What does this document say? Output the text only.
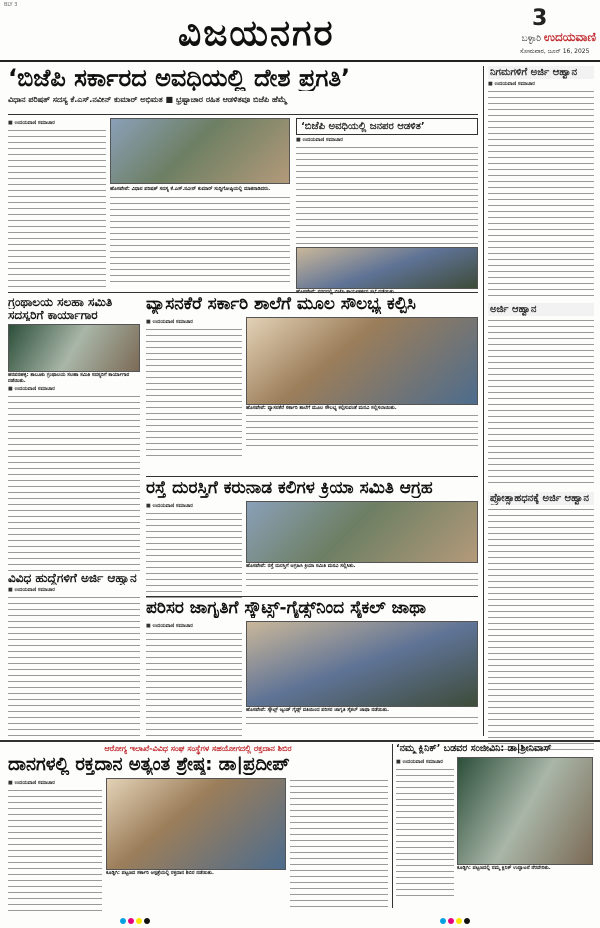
BLY 3
ವಿಜಯನಗರ	3
ಬಳ್ಳಾರಿ ಉದಯವಾಣಿ
ಸೋಮವಾರ, ಜೂನ್ 16, 2025
‘ಬಿಜೆಪಿ ಸರ್ಕಾರದ ಅವಧಿಯಲ್ಲಿ ದೇಶ ಪ್ರಗತಿ’
ವಿಧಾನ ಪರಿಷತ್ ಸದಸ್ಯ ಕೆ.ಎಸ್.ನವೀನ್ ಕುಮಾರ್ ಅಭಿಮತ ■ ಭ್ರಷ್ಟಾಚಾರ ರಹಿತ ಆಡಳಿತವೂ ಬಿಜೆಪಿ ಹೆಮ್ಮೆ
■ ಉದಯವಾಣಿ ಸಮಾಚಾರ
ಹೊಸಪೇಟೆ: ವಿಧಾನ ಪರಿಷತ್ ಸದಸ್ಯ ಕೆ.ಎಸ್.ನವೀನ್ ಕುಮಾರ್ ಸುದ್ದಿಗೋಷ್ಠಿಯಲ್ಲಿ ಮಾತನಾಡಿದರು.
‘ಬಿಜೆಪಿ ಅವಧಿಯಲ್ಲಿ ಜನಪರ ಆಡಳಿತ’
■ ಉದಯವಾಣಿ ಸಮಾಚಾರ
ಗ್ರಂಥಾಲಯ ಸಲಹಾ ಸಮಿತಿ
ಸದಸ್ಯರಿಗೆ ಕಾರ್ಯಾಗಾರ
ಹರಪನಹಳ್ಳಿ: ತಾಲೂಕು ಗ್ರಂಥಾಲಯ ಸಲಹಾ ಸಮಿತಿ ಸದಸ್ಯರಿಗೆ ಕಾರ್ಯಾಗಾರ ನಡೆಯಿತು.
■ ಉದಯವಾಣಿ ಸಮಾಚಾರ
ವ್ಯಾಸನಕೆರೆ ಸರ್ಕಾರಿ ಶಾಲೆಗೆ ಮೂಲ ಸೌಲಭ್ಯ ಕಲ್ಪಿಸಿ
■ ಉದಯವಾಣಿ ಸಮಾಚಾರ
ಹೊಸಪೇಟೆ: ವ್ಯಾಸನಕೆರೆ ಸರ್ಕಾರಿ ಶಾಲೆಗೆ ಮೂಲ ಸೌಲಭ್ಯ ಕಲ್ಪಿಸುವಂತೆ ಮನವಿ ಸಲ್ಲಿಸಲಾಯಿತು.
ರಸ್ತೆ ದುರಸ್ತಿಗೆ ಕರುನಾಡ ಕಲಿಗಳ ಕ್ರಿಯಾ ಸಮಿತಿ ಆಗ್ರಹ
■ ಉದಯವಾಣಿ ಸಮಾಚಾರ
ಹೊಸಪೇಟೆ: ರಸ್ತೆ ದುರಸ್ತಿಗೆ ಆಗ್ರಹಿಸಿ ಕ್ರಿಯಾ ಸಮಿತಿ ಮನವಿ ಸಲ್ಲಿಸಿತು.
ವಿವಿಧ ಹುದ್ದೆಗಳಿಗೆ ಅರ್ಜಿ ಆಹ್ವಾನ
■ ಉದಯವಾಣಿ ಸಮಾಚಾರ
ಪರಿಸರ ಜಾಗೃತಿಗೆ ಸ್ಕೌಟ್ಸ್-ಗೈಡ್ಸ್‌ನಿಂದ ಸೈಕಲ್ ಜಾಥಾ
■ ಉದಯವಾಣಿ ಸಮಾಚಾರ
ಹೊಸಪೇಟೆ: ಸ್ಕೌಟ್ಸ್ ಆ್ಯಂಡ್ ಗೈಡ್ಸ್ ವತಿಯಿಂದ ಪರಿಸರ ಜಾಗೃತಿ ಸೈಕಲ್ ಜಾಥಾ ನಡೆಯಿತು.
ನಿಗಮಗಳಿಗೆ ಅರ್ಜಿ ಆಹ್ವಾನ
■ ಉದಯವಾಣಿ ಸಮಾಚಾರ
ಅರ್ಜಿ ಆಹ್ವಾನ
ಪ್ರೋತ್ಸಾಹಧನಕ್ಕೆ ಅರ್ಜಿ ಆಹ್ವಾನ
ಆರೋಗ್ಯ ಇಲಾಖೆ-ವಿವಿಧ ಸಂಘ ಸಂಸ್ಥೆಗಳ ಸಹಯೋಗದಲ್ಲಿ ರಕ್ತದಾನ ಶಿಬಿರ
ದಾನಗಳಲ್ಲಿ ರಕ್ತದಾನ ಅತ್ಯಂತ ಶ್ರೇಷ್ಠ: ಡಾ|ಪ್ರದೀಪ್
■ ಉದಯವಾಣಿ ಸಮಾಚಾರ
ಕೂಡ್ಲಿಗಿ: ಪಟ್ಟಣದ ಸರ್ಕಾರಿ ಆಸ್ಪತ್ರೆಯಲ್ಲಿ ರಕ್ತದಾನ ಶಿಬಿರ ನಡೆಯಿತು.
‘ನಮ್ಮ ಕ್ಲಿನಿಕ್’ ಬಡವರ ಸಂಜೀವಿನಿ: ಡಾ|ಶ್ರೀನಿವಾಸ್
■ ಉದಯವಾಣಿ ಸಮಾಚಾರ
ಕೂಡ್ಲಿಗಿ: ಪಟ್ಟಣದಲ್ಲಿ ನಮ್ಮ ಕ್ಲಿನಿಕ್ ಉದ್ಘಾಟನೆ ನೆರವೇರಿತು.
